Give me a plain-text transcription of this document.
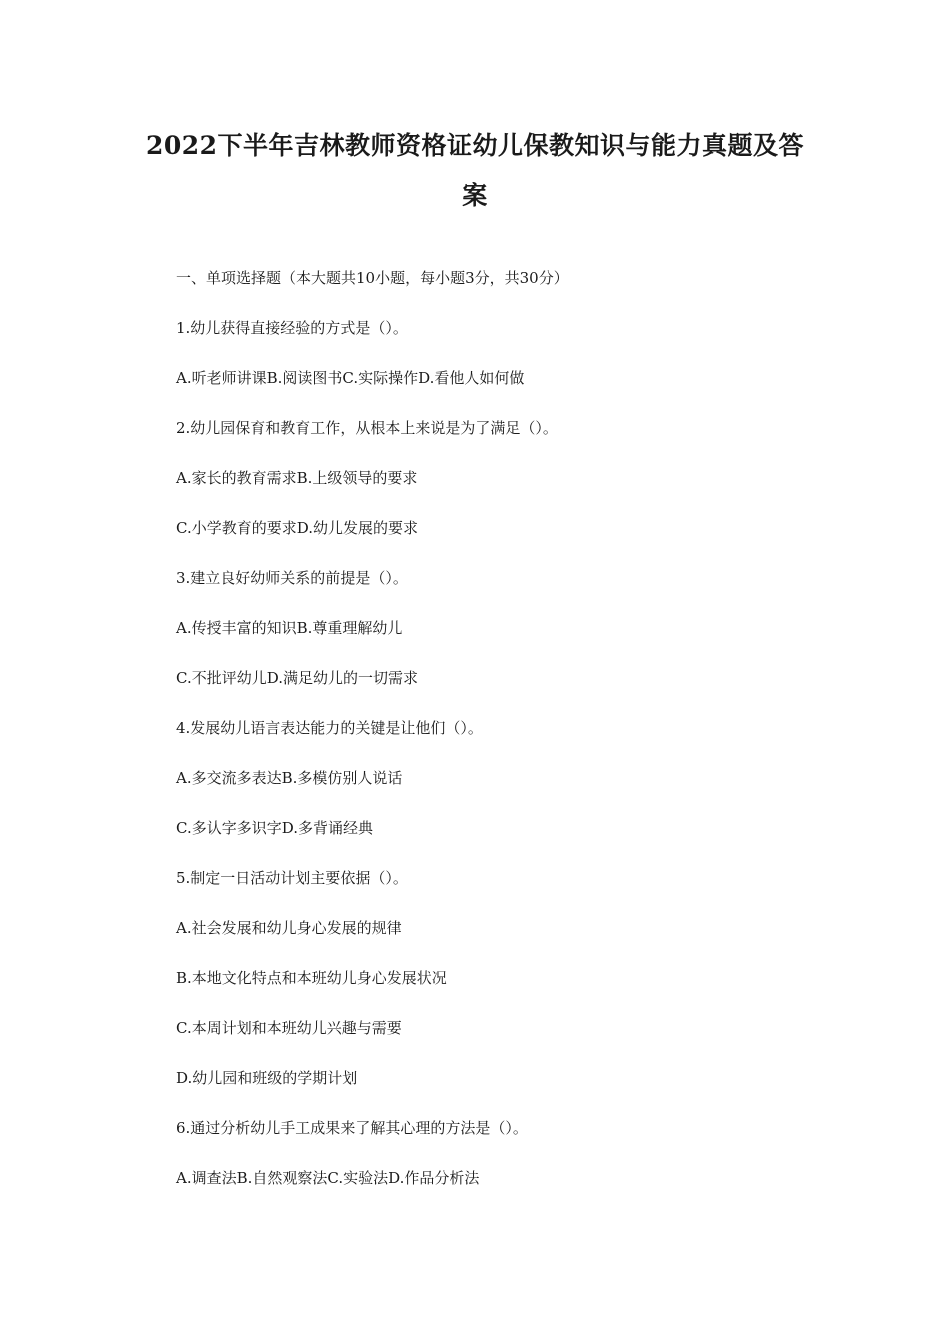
2022下半年吉林教师资格证幼儿保教知识与能力真题及答
案

一、单项选择题（本大题共10小题，每小题3分，共30分）

1.幼儿获得直接经验的方式是（）。

A.听老师讲课B.阅读图书C.实际操作D.看他人如何做

2.幼儿园保育和教育工作，从根本上来说是为了满足（）。

A.家长的教育需求B.上级领导的要求

C.小学教育的要求D.幼儿发展的要求

3.建立良好幼师关系的前提是（）。

A.传授丰富的知识B.尊重理解幼儿

C.不批评幼儿D.满足幼儿的一切需求

4.发展幼儿语言表达能力的关键是让他们（）。

A.多交流多表达B.多模仿别人说话

C.多认字多识字D.多背诵经典

5.制定一日活动计划主要依据（）。

A.社会发展和幼儿身心发展的规律

B.本地文化特点和本班幼儿身心发展状况

C.本周计划和本班幼儿兴趣与需要

D.幼儿园和班级的学期计划

6.通过分析幼儿手工成果来了解其心理的方法是（）。

A.调查法B.自然观察法C.实验法D.作品分析法
